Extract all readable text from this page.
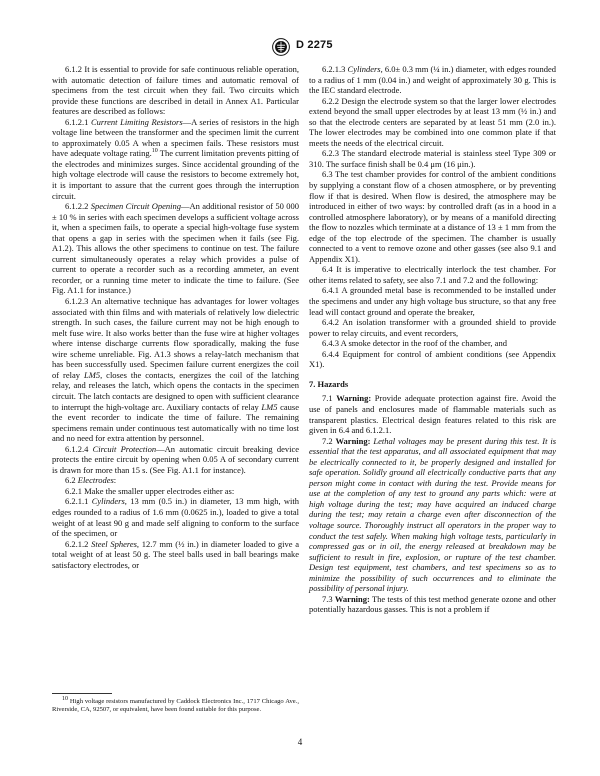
D 2275

6.1.2 It is essential to provide for safe continuous reliable operation, with automatic detection of failure times and automatic removal of specimens from the test circuit when they fail. Two circuits which provide these functions are described in detail in Annex A1. Particular features are described as follows:

6.1.2.1 Current Limiting Resistors—A series of resistors in the high voltage line between the transformer and the specimen limit the current to approximately 0.05 A when a specimen fails. These resistors must have adequate voltage rating.$^{10}$ The current limitation prevents pitting of the electrodes and minimizes surges. Since accidental grounding of the high voltage electrode will cause the resistors to become extremely hot, it is important to assure that the current goes through the interruption circuit.

6.1.2.2 Specimen Circuit Opening—An additional resistor of 50 000 ± 10 % in series with each specimen develops a sufficient voltage across it, when a specimen fails, to operate a special high-voltage fuse system that opens a gap in series with the specimen when it fails (see Fig. A1.2). This allows the other specimens to continue on test. The failure current simultaneously operates a relay which provides a pulse of current to operate a recorder such as a recording ammeter, an event recorder, or a running time meter to indicate the time to failure. (See Fig. A1.1 for instance.)

6.1.2.3 An alternative technique has advantages for lower voltages associated with thin films and with materials of relatively low dielectric strength. In such cases, the failure current may not be high enough to melt fuse wire. It also works better than the fuse wire at higher voltages where intense discharge currents flow sporadically, making the fuse wire scheme unreliable. Fig. A1.3 shows a relay-latch mechanism that has been successfully used. Specimen failure current energizes the coil of relay LM5, closes the contacts, energizes the coil of the latching relay, and releases the latch, which opens the contacts in the specimen circuit. The latch contacts are designed to open with sufficient clearance to interrupt the high-voltage arc. Auxiliary contacts of relay LM5 cause the event recorder to indicate the time of failure. The remaining specimens remain under continuous test automatically with no time lost and no need for extra attention by personnel.

6.1.2.4 Circuit Protection—An automatic circuit breaking device protects the entire circuit by opening when 0.05 A of secondary current is drawn for more than 15 s. (See Fig. A1.1 for instance).

6.2 Electrodes:

6.2.1 Make the smaller upper electrodes either as:

6.2.1.1 Cylinders, 13 mm (0.5 in.) in diameter, 13 mm high, with edges rounded to a radius of 1.6 mm (0.0625 in.), loaded to give a total weight of at least 90 g and made self aligning to conform to the surface of the specimen, or

6.2.1.2 Steel Spheres, 12.7 mm (½ in.) in diameter loaded to give a total weight of at least 50 g. The steel balls used in ball bearings make satisfactory electrodes, or

6.2.1.3 Cylinders, 6.0± 0.3 mm (¼ in.) diameter, with edges rounded to a radius of 1 mm (0.04 in.) and weight of approximately 30 g. This is the IEC standard electrode.

6.2.2 Design the electrode system so that the larger lower electrodes extend beyond the small upper electrodes by at least 13 mm (½ in.) and so that the electrode centers are separated by at least 51 mm (2.0 in.). The lower electrodes may be combined into one common plate if that meets the needs of the electrical circuit.

6.2.3 The standard electrode material is stainless steel Type 309 or 310. The surface finish shall be 0.4 μm (16 μin.).

6.3 The test chamber provides for control of the ambient conditions by supplying a constant flow of a chosen atmosphere, or by preventing flow if that is desired. When flow is desired, the atmosphere may be introduced in either of two ways: by controlled draft (as in a hood in a controlled atmosphere laboratory), or by means of a manifold directing the flow to nozzles which terminate at a distance of 13 ± 1 mm from the edge of the top electrode of the specimen. The chamber is usually connected to a vent to remove ozone and other gasses (see also 9.1 and Appendix X1).

6.4 It is imperative to electrically interlock the test chamber. For other items related to safety, see also 7.1 and 7.2 and the following:

6.4.1 A grounded metal base is recommended to be installed under the specimens and under any high voltage bus structure, so that any free lead will contact ground and operate the breaker,

6.4.2 An isolation transformer with a grounded shield to provide power to relay circuits, and event recorders,

6.4.3 A smoke detector in the roof of the chamber, and

6.4.4 Equipment for control of ambient conditions (see Appendix X1).

7. Hazards

7.1 Warning: Provide adequate protection against fire. Avoid the use of panels and enclosures made of flammable materials such as transparent plastics. Electrical design features related to this risk are given in 6.4 and 6.1.2.1.

7.2 Warning: Lethal voltages may be present during this test. It is essential that the test apparatus, and all associated equipment that may be electrically connected to it, be properly designed and installed for safe operation. Solidly ground all electrically conductive parts that any person might come in contact with during the test. Provide means for use at the completion of any test to ground any parts which: were at high voltage during the test; may have acquired an induced charge during the test; may retain a charge even after disconnection of the voltage source. Thoroughly instruct all operators in the proper way to conduct the test safely. When making high voltage tests, particularly in compressed gas or in oil, the energy released at breakdown may be sufficient to result in fire, explosion, or rupture of the test chamber. Design test equipment, test chambers, and test specimens so as to minimize the possibility of such occurrences and to eliminate the possibility of personal injury.

7.3 Warning: The tests of this test method generate ozone and other potentially hazardous gasses. This is not a problem if

$^{10}$ High voltage resistors manufactured by Caddock Electronics Inc., 1717 Chicago Ave., Riverside, CA, 92507, or equivalent, have been found suitable for this purpose.
4
